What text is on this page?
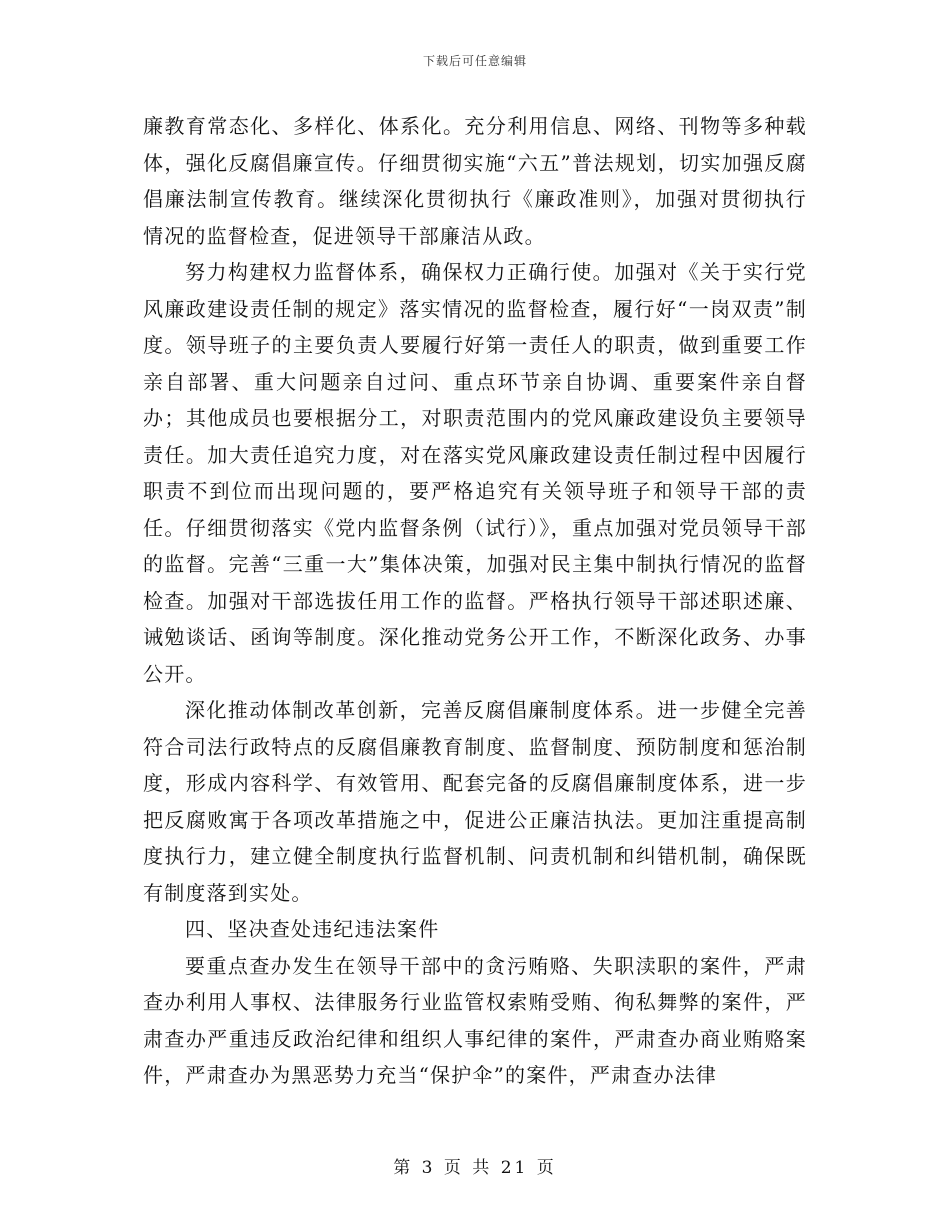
下载后可任意编辑

廉教育常态化、多样化、体系化。充分利用信息、网络、刊物等多种载体，强化反腐倡廉宣传。仔细贯彻实施“六五”普法规划，切实加强反腐倡廉法制宣传教育。继续深化贯彻执行《廉政准则》，加强对贯彻执行情况的监督检查，促进领导干部廉洁从政。

努力构建权力监督体系，确保权力正确行使。加强对《关于实行党风廉政建设责任制的规定》落实情况的监督检查，履行好“一岗双责”制度。领导班子的主要负责人要履行好第一责任人的职责，做到重要工作亲自部署、重大问题亲自过问、重点环节亲自协调、重要案件亲自督办；其他成员也要根据分工，对职责范围内的党风廉政建设负主要领导责任。加大责任追究力度，对在落实党风廉政建设责任制过程中因履行职责不到位而出现问题的，要严格追究有关领导班子和领导干部的责任。仔细贯彻落实《党内监督条例（试行）》，重点加强对党员领导干部的监督。完善“三重一大”集体决策，加强对民主集中制执行情况的监督检查。加强对干部选拔任用工作的监督。严格执行领导干部述职述廉、诫勉谈话、函询等制度。深化推动党务公开工作，不断深化政务、办事公开。

深化推动体制改革创新，完善反腐倡廉制度体系。进一步健全完善符合司法行政特点的反腐倡廉教育制度、监督制度、预防制度和惩治制度，形成内容科学、有效管用、配套完备的反腐倡廉制度体系，进一步把反腐败寓于各项改革措施之中，促进公正廉洁执法。更加注重提高制度执行力，建立健全制度执行监督机制、问责机制和纠错机制，确保既有制度落到实处。

四、坚决查处违纪违法案件

要重点查办发生在领导干部中的贪污贿赂、失职渎职的案件，严肃查办利用人事权、法律服务行业监管权索贿受贿、徇私舞弊的案件，严肃查办严重违反政治纪律和组织人事纪律的案件，严肃查办商业贿赂案件，严肃查办为黑恶势力充当“保护伞”的案件，严肃查办法律

第 3 页 共 21 页
